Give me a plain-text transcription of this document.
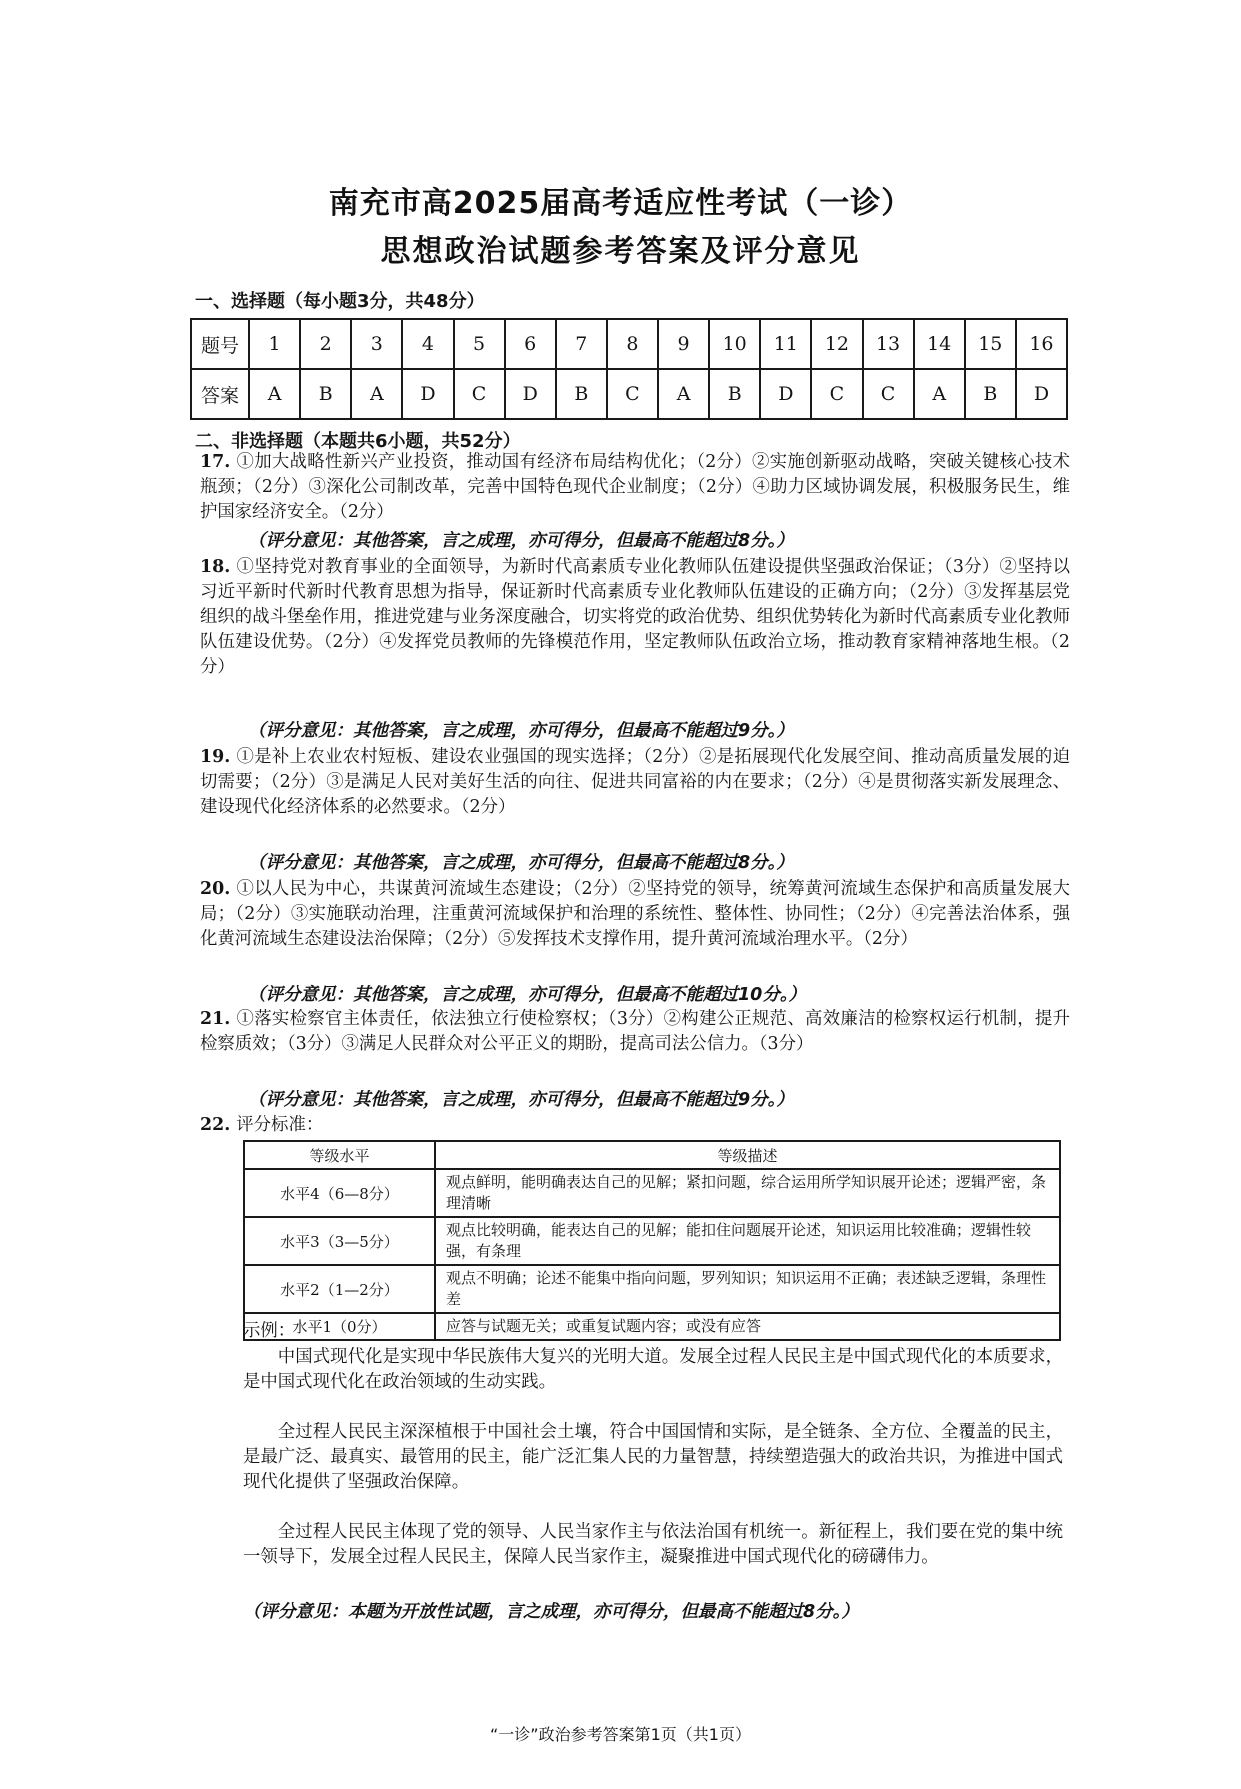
南充市高2025届高考适应性考试（一诊）
思想政治试题参考答案及评分意见
一、选择题（每小题3分，共48分）
题号	1	2	3	4	5	6	7	8	9	10	11	12	13	14	15	16
答案	A	B	A	D	C	D	B	C	A	B	D	C	C	A	B	D
二、非选择题（本题共6小题，共52分）
17. ①加大战略性新兴产业投资，推动国有经济布局结构优化；（2分）②实施创新驱动战略，突破关键核心技术瓶颈；（2分）③深化公司制改革，完善中国特色现代企业制度；（2分）④助力区域协调发展，积极服务民生，维护国家经济安全。（2分）
（评分意见：其他答案，言之成理，亦可得分，但最高不能超过8分。）
18. ①坚持党对教育事业的全面领导，为新时代高素质专业化教师队伍建设提供坚强政治保证；（3分）②坚持以习近平新时代新时代教育思想为指导，保证新时代高素质专业化教师队伍建设的正确方向；（2分）③发挥基层党组织的战斗堡垒作用，推进党建与业务深度融合，切实将党的政治优势、组织优势转化为新时代高素质专业化教师队伍建设优势。（2分）④发挥党员教师的先锋模范作用，坚定教师队伍政治立场，推动教育家精神落地生根。（2分）
（评分意见：其他答案，言之成理，亦可得分，但最高不能超过9分。）
19. ①是补上农业农村短板、建设农业强国的现实选择；（2分）②是拓展现代化发展空间、推动高质量发展的迫切需要；（2分）③是满足人民对美好生活的向往、促进共同富裕的内在要求；（2分）④是贯彻落实新发展理念、建设现代化经济体系的必然要求。（2分）
（评分意见：其他答案，言之成理，亦可得分，但最高不能超过8分。）
20. ①以人民为中心，共谋黄河流域生态建设；（2分）②坚持党的领导，统筹黄河流域生态保护和高质量发展大局；（2分）③实施联动治理，注重黄河流域保护和治理的系统性、整体性、协同性；（2分）④完善法治体系，强化黄河流域生态建设法治保障；（2分）⑤发挥技术支撑作用，提升黄河流域治理水平。（2分）
（评分意见：其他答案，言之成理，亦可得分，但最高不能超过10分。）
21. ①落实检察官主体责任，依法独立行使检察权；（3分）②构建公正规范、高效廉洁的检察权运行机制，提升检察质效；（3分）③满足人民群众对公平正义的期盼，提高司法公信力。（3分）
（评分意见：其他答案，言之成理，亦可得分，但最高不能超过9分。）
22. 评分标准：
等级水平	等级描述
水平4（6—8分）	观点鲜明，能明确表达自己的见解；紧扣问题，综合运用所学知识展开论述；逻辑严密，条理清晰
水平3（3—5分）	观点比较明确，能表达自己的见解；能扣住问题展开论述，知识运用比较准确；逻辑性较强，有条理
水平2（1—2分）	观点不明确；论述不能集中指向问题，罗列知识；知识运用不正确；表述缺乏逻辑，条理性差
水平1（0分）	应答与试题无关；或重复试题内容；或没有应答
示例：
中国式现代化是实现中华民族伟大复兴的光明大道。发展全过程人民民主是中国式现代化的本质要求，是中国式现代化在政治领域的生动实践。
全过程人民民主深深植根于中国社会土壤，符合中国国情和实际，是全链条、全方位、全覆盖的民主，是最广泛、最真实、最管用的民主，能广泛汇集人民的力量智慧，持续塑造强大的政治共识，为推进中国式现代化提供了坚强政治保障。
全过程人民民主体现了党的领导、人民当家作主与依法治国有机统一。新征程上，我们要在党的集中统一领导下，发展全过程人民民主，保障人民当家作主，凝聚推进中国式现代化的磅礴伟力。
（评分意见：本题为开放性试题，言之成理，亦可得分，但最高不能超过8分。）
“一诊”政治参考答案第1页（共1页）
